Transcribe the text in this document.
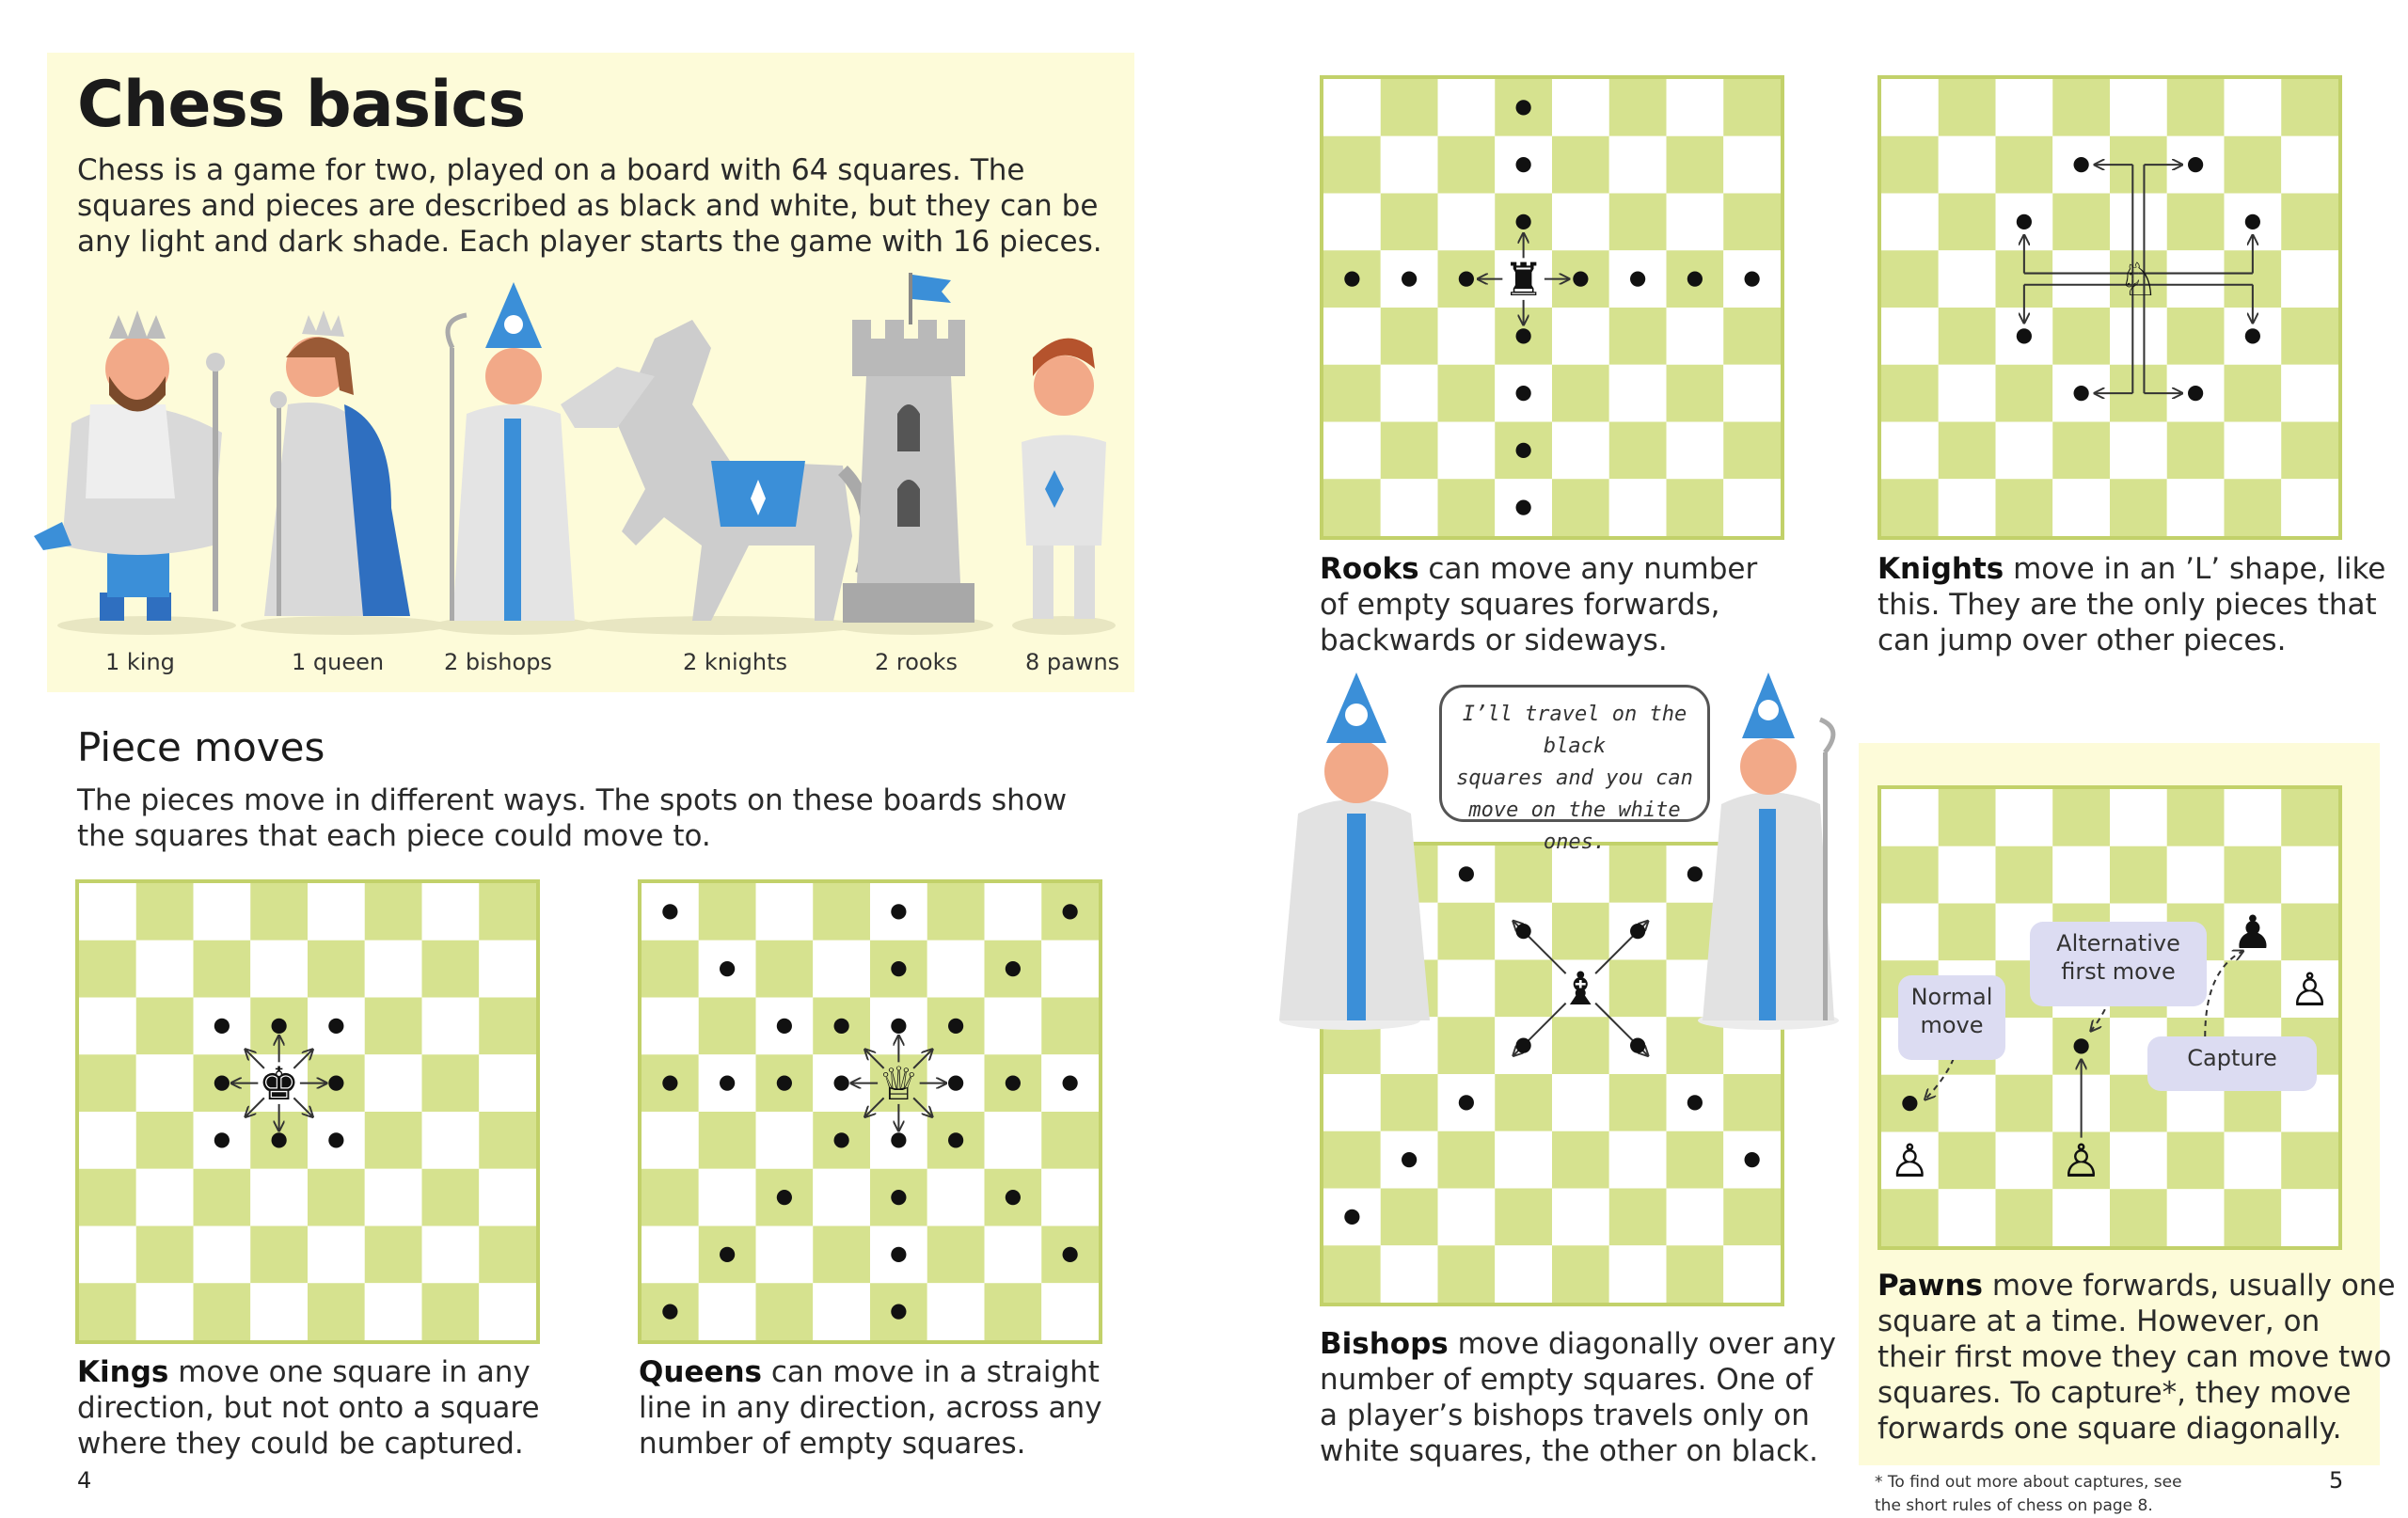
Chess basics
Chess is a game for two, played on a board with 64 squares. The
squares and pieces are described as black and white, but they can be
any light and dark shade. Each player starts the game with 16 pieces.
1 king	1 queen	2 bishops	2 knights	2 rooks	8 pawns
Piece moves
The pieces move in different ways. The spots on these boards show
the squares that each piece could move to.
♚	♕
Kings move one square in any
direction, but not onto a square
where they could be captured.
Queens can move in a straight
line in any direction, across any
number of empty squares.
4
♜	♘
Rooks can move any number
of empty squares forwards,
backwards or sideways.
Knights move in an ’L’ shape, like
this. They are the only pieces that
can jump over other pieces.
♝
I’ll travel on the black
squares and you can
move on the white ones.
Bishops move diagonally over any
number of empty squares. One of
a player’s bishops travels only on
white squares, the other on black.
♙	♙
♟
♙
Normal
move
Alternative
first move
Capture
Pawns move forwards, usually one
square at a time. However, on
their first move they can move two
squares. To capture*, they move
forwards one square diagonally.
* To find out more about captures, see
the short rules of chess on page 8.
5
